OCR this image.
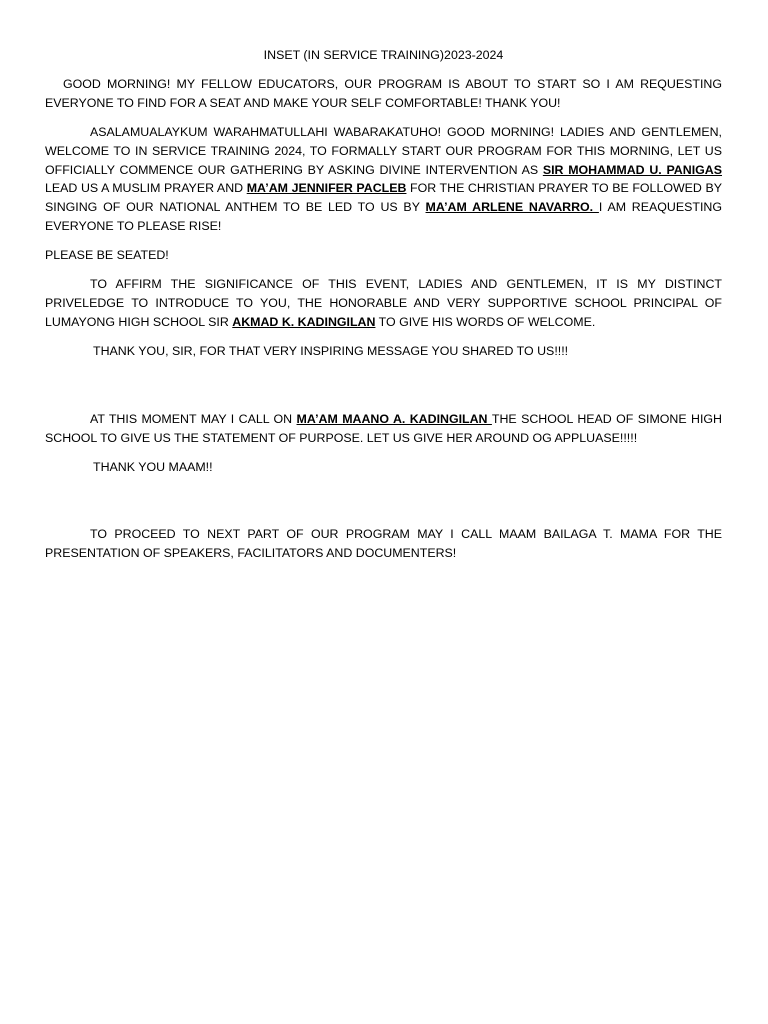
INSET (IN SERVICE TRAINING)2023-2024
GOOD MORNING! MY FELLOW EDUCATORS, OUR PROGRAM IS ABOUT TO START SO I AM REQUESTING EVERYONE TO FIND FOR A SEAT AND MAKE YOUR SELF COMFORTABLE! THANK YOU!
ASALAMUALAYKUM WARAHMATULLAHI WABARAKATUHO! GOOD MORNING! LADIES AND GENTLEMEN, WELCOME TO IN SERVICE TRAINING 2024, TO FORMALLY START OUR PROGRAM FOR THIS MORNING, LET US OFFICIALLY COMMENCE OUR GATHERING BY ASKING DIVINE INTERVENTION AS SIR MOHAMMAD U. PANIGAS LEAD US A MUSLIM PRAYER AND MA’AM JENNIFER PACLEB FOR THE CHRISTIAN PRAYER TO BE FOLLOWED BY SINGING OF OUR NATIONAL ANTHEM TO BE LED TO US BY MA’AM ARLENE NAVARRO. I AM REAQUESTING EVERYONE TO PLEASE RISE!
PLEASE BE SEATED!
TO AFFIRM THE SIGNIFICANCE OF THIS EVENT, LADIES AND GENTLEMEN, IT IS MY DISTINCT PRIVELEDGE TO INTRODUCE TO YOU, THE HONORABLE AND VERY SUPPORTIVE SCHOOL PRINCIPAL OF LUMAYONG HIGH SCHOOL SIR AKMAD K. KADINGILAN TO GIVE HIS WORDS OF WELCOME.
THANK YOU, SIR, FOR THAT VERY INSPIRING MESSAGE YOU SHARED TO US!!!!
AT THIS MOMENT MAY I CALL ON MA’AM MAANO A. KADINGILAN THE SCHOOL HEAD OF SIMONE HIGH SCHOOL TO GIVE US THE STATEMENT OF PURPOSE. LET US GIVE HER AROUND OG APPLUASE!!!!!
THANK YOU MAAM!!
TO PROCEED TO NEXT PART OF OUR PROGRAM MAY I CALL MAAM BAILAGA T. MAMA FOR THE PRESENTATION OF SPEAKERS, FACILITATORS AND DOCUMENTERS!
